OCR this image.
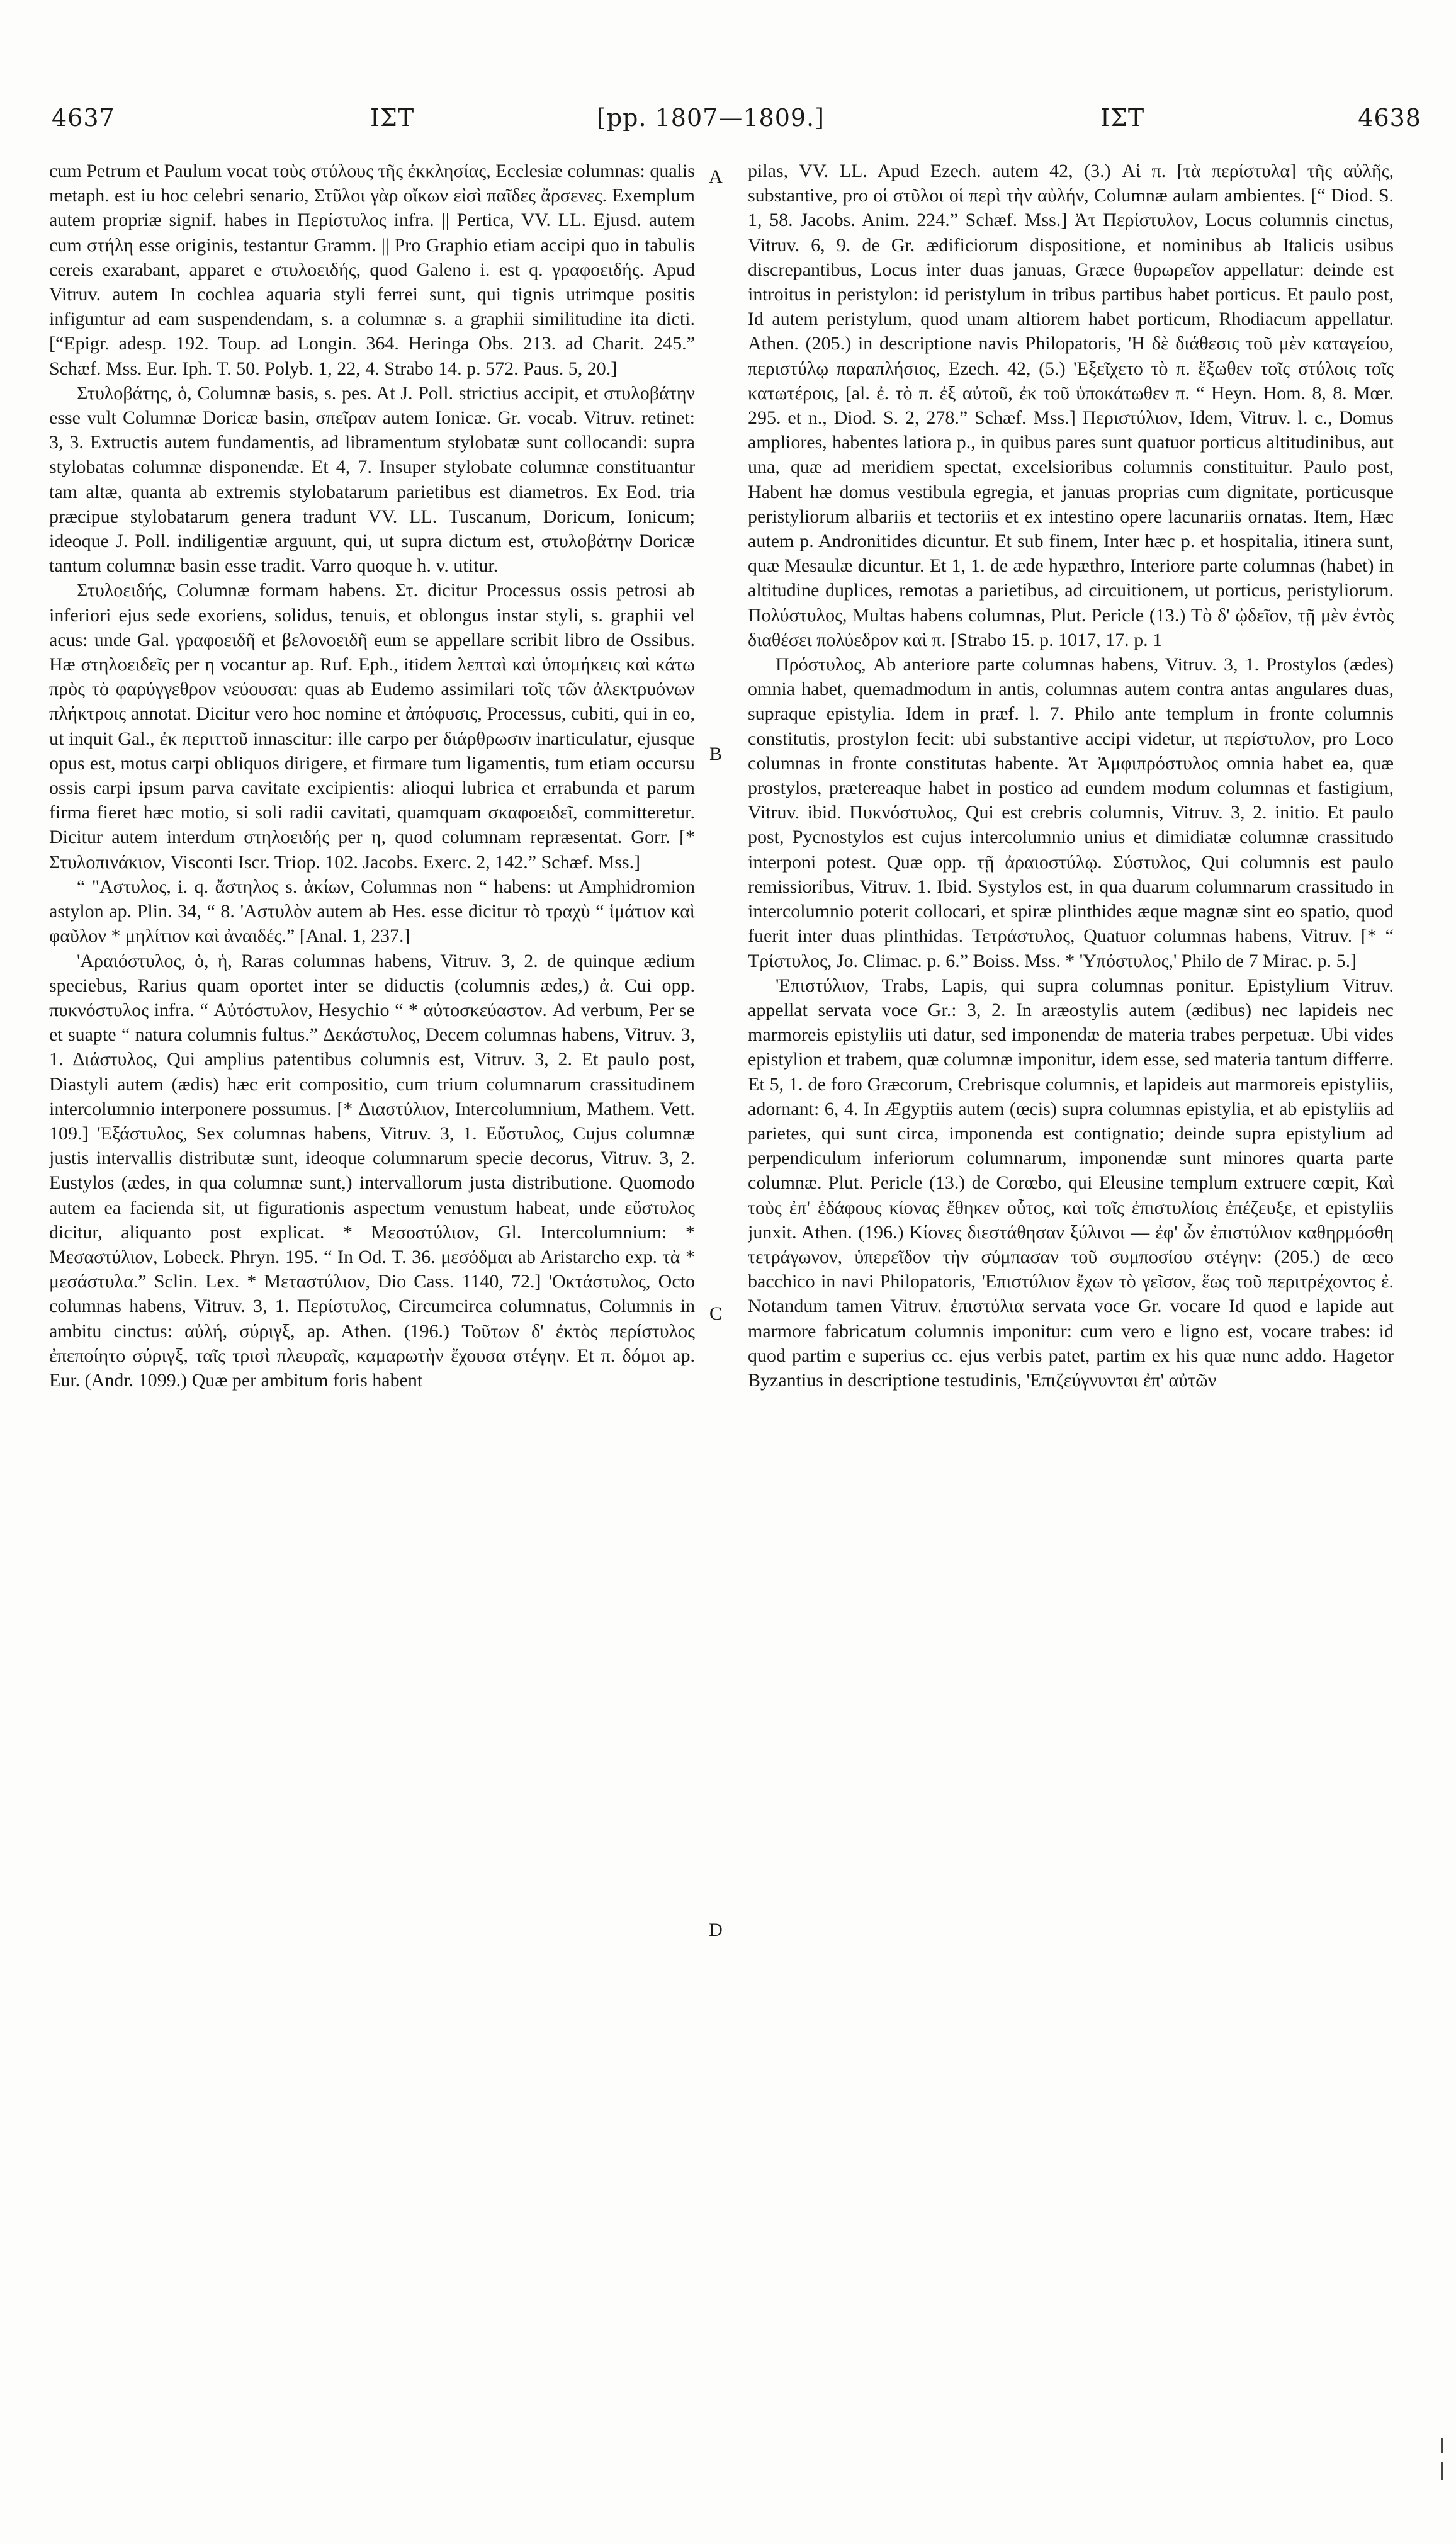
4637	ΙΣΤ	[pp. 1807—1809.]	ΙΣΤ	4638

cum Petrum et Paulum vocat τοὺς στύλους τῆς ἐκκλησίας, Ecclesiæ columnas: qualis metaph. est iu hoc celebri senario, Στῦλοι γὰρ οἴκων εἰσὶ παῖδες ἄρσενες. Exemplum autem propriæ signif. habes in Περίστυλος infra. || Pertica, VV. LL. Ejusd. autem cum στήλη esse originis, testantur Gramm. || Pro Graphio etiam accipi quo in tabulis cereis exarabant, apparet e στυλοειδής, quod Galeno i. est q. γραφοειδής. Apud Vitruv. autem In cochlea aquaria styli ferrei sunt, qui tignis utrimque positis infiguntur ad eam suspendendam, s. a columnæ s. a graphii similitudine ita dicti. [“Epigr. adesp. 192. Toup. ad Longin. 364. Heringa Obs. 213. ad Charit. 245.” Schæf. Mss. Eur. Iph. T. 50. Polyb. 1, 22, 4. Strabo 14. p. 572. Paus. 5, 20.]

Στυλοβάτης, ὁ, Columnæ basis, s. pes. At J. Poll. strictius accipit, et στυλοβάτην esse vult Columnæ Doricæ basin, σπεῖραν autem Ionicæ. Gr. vocab. Vitruv. retinet: 3, 3. Extructis autem fundamentis, ad libramentum stylobatæ sunt collocandi: supra stylobatas columnæ disponendæ. Et 4, 7. Insuper stylobate columnæ constituantur tam altæ, quanta ab extremis stylobatarum parietibus est diametros. Ex Eod. tria præcipue stylobatarum genera tradunt VV. LL. Tuscanum, Doricum, Ionicum; ideoque J. Poll. indiligentiæ arguunt, qui, ut supra dictum est, στυλοβάτην Doricæ tantum columnæ basin esse tradit. Varro quoque h. v. utitur.

Στυλοειδής, Columnæ formam habens. Στ. dicitur Processus ossis petrosi ab inferiori ejus sede exoriens, solidus, tenuis, et oblongus instar styli, s. graphii vel acus: unde Gal. γραφοειδῆ et βελονοειδῆ eum se appellare scribit libro de Ossibus. Hæ στηλοειδεῖς per η vocantur ap. Ruf. Eph., itidem λεπταὶ καὶ ὑπομήκεις καὶ κάτω πρὸς τὸ φαρύγγεθρον νεύουσαι: quas ab Eudemo assimilari τοῖς τῶν ἀλεκτρυόνων πλήκτροις annotat. Dicitur vero hoc nomine et ἀπόφυσις, Processus, cubiti, qui in eo, ut inquit Gal., ἐκ περιττοῦ innascitur: ille carpo per διάρθρωσιν inarticulatur, ejusque opus est, motus carpi obliquos dirigere, et firmare tum ligamentis, tum etiam occursu ossis carpi ipsum parva cavitate excipientis: alioqui lubrica et errabunda et parum firma fieret hæc motio, si soli radii cavitati, quamquam σκαφοειδεῖ, committeretur. Dicitur autem interdum στηλοειδής per η, quod columnam repræsentat. Gorr. [* Στυλοπινάκιον, Visconti Iscr. Triop. 102. Jacobs. Exerc. 2, 142.” Schæf. Mss.]

“ "Αστυλος, i. q. ἄστηλος s. ἀκίων, Columnas non “ habens: ut Amphidromion astylon ap. Plin. 34, “ 8. 'Αστυλὸν autem ab Hes. esse dicitur τὸ τραχὺ “ ἱμάτιον καὶ φαῦλον * μηλίτιον καὶ ἀναιδές.” [Anal. 1, 237.]

'Αραιόστυλος, ὁ, ἡ, Raras columnas habens, Vitruv. 3, 2. de quinque ædium speciebus, Rarius quam oportet inter se diductis (columnis ædes,) ἀ. Cui opp. πυκνόστυλος infra. “ Αὐτόστυλον, Hesychio “ * αὐτοσκεύαστον. Ad verbum, Per se et suapte “ natura columnis fultus.” Δεκάστυλος, Decem columnas habens, Vitruv. 3, 1. Διάστυλος, Qui amplius patentibus columnis est, Vitruv. 3, 2. Et paulo post, Diastyli autem (ædis) hæc erit compositio, cum trium columnarum crassitudinem intercolumnio interponere possumus. [* Διαστύλιον, Intercolumnium, Mathem. Vett. 109.] 'Εξάστυλος, Sex columnas habens, Vitruv. 3, 1. Εὔστυλος, Cujus columnæ justis intervallis distributæ sunt, ideoque columnarum specie decorus, Vitruv. 3, 2. Eustylos (ædes, in qua columnæ sunt,) intervallorum justa distributione. Quomodo autem ea facienda sit, ut figurationis aspectum venustum habeat, unde εὔστυλος dicitur, aliquanto post explicat. * Μεσοστύλιον, Gl. Intercolumnium: * Μεσαστύλιον, Lobeck. Phryn. 195. “ In Od. T. 36. μεσόδμαι ab Aristarcho exp. τὰ * μεσάστυλα.” Sclin. Lex. * Μεταστύλιον, Dio Cass. 1140, 72.] 'Οκτάστυλος, Octo columnas habens, Vitruv. 3, 1. Περίστυλος, Circumcirca columnatus, Columnis in ambitu cinctus: αὐλή, σύριγξ, ap. Athen. (196.) Τοῦτων δ' ἐκτὸς περίστυλος ἐπεποίητο σύριγξ, ταῖς τρισὶ πλευραῖς, καμαρωτὴν ἔχουσα στέγην. Et π. δόμοι ap. Eur. (Andr. 1099.) Quæ per ambitum foris habent

A
B
C
D

pilas, VV. LL. Apud Ezech. autem 42, (3.) Αἱ π. [τὰ περίστυλα] τῆς αὐλῆς, substantive, pro οἱ στῦλοι οἱ περὶ τὴν αὐλήν, Columnæ aulam ambientes. [“ Diod. S. 1, 58. Jacobs. Anim. 224.” Schæf. Mss.] Ἀτ Περίστυλον, Locus columnis cinctus, Vitruv. 6, 9. de Gr. ædificiorum dispositione, et nominibus ab Italicis usibus discrepantibus, Locus inter duas januas, Græce θυρωρεῖον appellatur: deinde est introitus in peristylon: id peristylum in tribus partibus habet porticus. Et paulo post, Id autem peristylum, quod unam altiorem habet porticum, Rhodiacum appellatur. Athen. (205.) in descriptione navis Philopatoris, 'Η δὲ διάθεσις τοῦ μὲν καταγείου, περιστύλῳ παραπλήσιος, Ezech. 42, (5.) 'Εξεῖχετο τὸ π. ἔξωθεν τοῖς στύλοις τοῖς κατωτέροις, [al. ἐ. τὸ π. ἐξ αὐτοῦ, ἐκ τοῦ ὑποκάτωθεν π. “ Heyn. Hom. 8, 8. Mœr. 295. et n., Diod. S. 2, 278.” Schæf. Mss.] Περιστύλιον, Idem, Vitruv. l. c., Domus ampliores, habentes latiora p., in quibus pares sunt quatuor porticus altitudinibus, aut una, quæ ad meridiem spectat, excelsioribus columnis constituitur. Paulo post, Habent hæ domus vestibula egregia, et januas proprias cum dignitate, porticusque peristyliorum albariis et tectoriis et ex intestino opere lacunariis ornatas. Item, Hæc autem p. Andronitides dicuntur. Et sub finem, Inter hæc p. et hospitalia, itinera sunt, quæ Mesaulæ dicuntur. Et 1, 1. de æde hypæthro, Interiore parte columnas (habet) in altitudine duplices, remotas a parietibus, ad circuitionem, ut porticus, peristyliorum. Πολύστυλος, Multas habens columnas, Plut. Pericle (13.) Τὸ δ' ᾠδεῖον, τῇ μὲν ἐντὸς διαθέσει πολύεδρον καὶ π. [Strabo 15. p. 1017, 17. p. 1

Πρόστυλος, Ab anteriore parte columnas habens, Vitruv. 3, 1. Prostylos (ædes) omnia habet, quemadmodum in antis, columnas autem contra antas angulares duas, supraque epistylia. Idem in præf. l. 7. Philo ante templum in fronte columnis constitutis, prostylon fecit: ubi substantive accipi videtur, ut περίστυλον, pro Loco columnas in fronte constitutas habente. Ἀτ Ἀμφιπρόστυλος omnia habet ea, quæ prostylos, prætereaque habet in postico ad eundem modum columnas et fastigium, Vitruv. ibid. Πυκνόστυλος, Qui est crebris columnis, Vitruv. 3, 2. initio. Et paulo post, Pycnostylos est cujus intercolumnio unius et dimidiatæ columnæ crassitudo interponi potest. Quæ opp. τῇ ἀραιοστύλῳ. Σύστυλος, Qui columnis est paulo remissioribus, Vitruv. 1. Ibid. Systylos est, in qua duarum columnarum crassitudo in intercolumnio poterit collocari, et spiræ plinthides æque magnæ sint eo spatio, quod fuerit inter duas plinthidas. Τετράστυλος, Quatuor columnas habens, Vitruv. [* “ Τρίστυλος, Jo. Climac. p. 6.” Boiss. Mss. * 'Υπόστυλος,' Philo de 7 Mirac. p. 5.]

'Επιστύλιον, Trabs, Lapis, qui supra columnas ponitur. Epistylium Vitruv. appellat servata voce Gr.: 3, 2. In aræostylis autem (ædibus) nec lapideis nec marmoreis epistyliis uti datur, sed imponendæ de materia trabes perpetuæ. Ubi vides epistylion et trabem, quæ columnæ imponitur, idem esse, sed materia tantum differre. Et 5, 1. de foro Græcorum, Crebrisque columnis, et lapideis aut marmoreis epistyliis, adornant: 6, 4. In Ægyptiis autem (œcis) supra columnas epistylia, et ab epistyliis ad parietes, qui sunt circa, imponenda est contignatio; deinde supra epistylium ad perpendiculum inferiorum columnarum, imponendæ sunt minores quarta parte columnæ. Plut. Pericle (13.) de Corœbo, qui Eleusine templum extruere cœpit, Καὶ τοὺς ἐπ' ἐδάφους κίονας ἔθηκεν οὗτος, καὶ τοῖς ἐπιστυλίοις ἐπέζευξε, et epistyliis junxit. Athen. (196.) Κίονες διεστάθησαν ξύλινοι — ἐφ' ὧν ἐπιστύλιον καθηρμόσθη τετράγωνον, ὑπερεῖδον τὴν σύμπασαν τοῦ συμποσίου στέγην: (205.) de œco bacchico in navi Philopatoris, 'Επιστύλιον ἔχων τὸ γεῖσον, ἕως τοῦ περιτρέχοντος ἐ. Notandum tamen Vitruv. ἐπιστύλια servata voce Gr. vocare Id quod e lapide aut marmore fabricatum columnis imponitur: cum vero e ligno est, vocare trabes: id quod partim e superius cc. ejus verbis patet, partim ex his quæ nunc addo. Hagetor Byzantius in descriptione testudinis, 'Επιζεύγνυνται ἐπ' αὐτῶν
